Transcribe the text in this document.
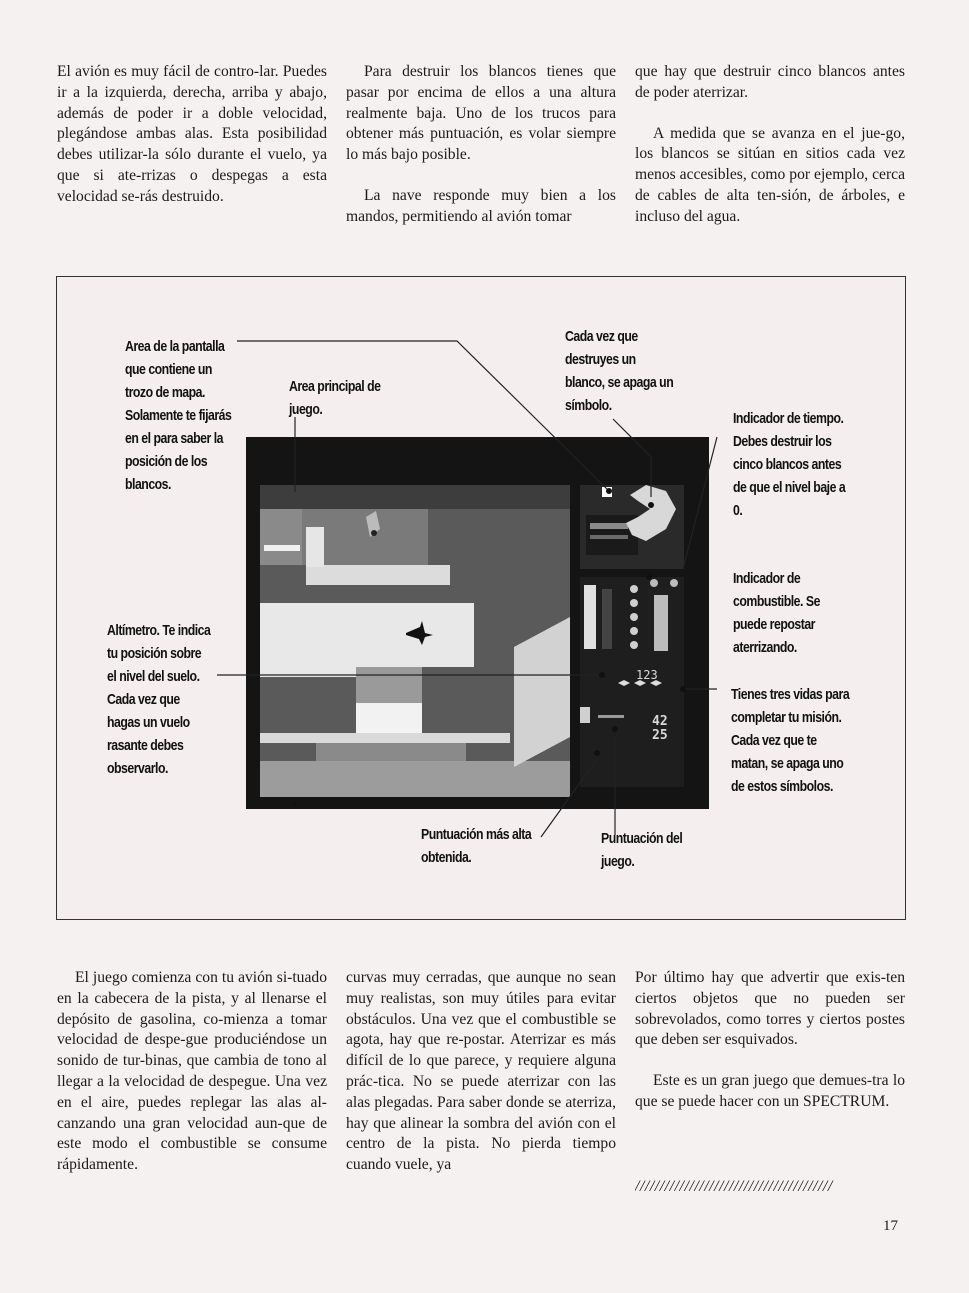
El avión es muy fácil de contro-lar. Puedes ir a la izquierda, derecha, arriba y abajo, además de poder ir a doble velocidad, plegándose ambas alas. Esta posibilidad debes utilizar-la sólo durante el vuelo, ya que si ate-rrizas o despegas a esta velocidad se-rás destruido.

Para destruir los blancos tienes que pasar por encima de ellos a una altura realmente baja. Uno de los trucos para obtener más puntuación, es volar siempre lo más bajo posible.

La nave responde muy bien a los mandos, permitiendo al avión tomar

que hay que destruir cinco blancos antes de poder aterrizar.

A medida que se avanza en el jue-go, los blancos se sitúan en sitios cada vez menos accesibles, como por ejemplo, cerca de cables de alta ten-sión, de árboles, e incluso del agua.

123
42
25
Area de la pantalla que contiene un trozo de mapa. Solamente te fijarás en el para saber la posición de los blancos.
Area principal de juego.
Cada vez que destruyes un blanco, se apaga un símbolo.
Indicador de tiempo. Debes destruir los cinco blancos antes de que el nivel baje a 0.
Indicador de combustible. Se puede repostar aterrizando.
Tienes tres vidas para completar tu misión. Cada vez que te matan, se apaga uno de estos símbolos.
Altímetro. Te indica tu posición sobre el nivel del suelo. Cada vez que hagas un vuelo rasante debes observarlo.
Puntuación más alta obtenida.
Puntuación del juego.

El juego comienza con tu avión si-tuado en la cabecera de la pista, y al llenarse el depósito de gasolina, co-mienza a tomar velocidad de despe-gue produciéndose un sonido de tur-binas, que cambia de tono al llegar a la velocidad de despegue. Una vez en el aire, puedes replegar las alas al-canzando una gran velocidad aun-que de este modo el combustible se consume rápidamente.

curvas muy cerradas, que aunque no sean muy realistas, son muy útiles para evitar obstáculos. Una vez que el combustible se agota, hay que re-postar. Aterrizar es más difícil de lo que parece, y requiere alguna prác-tica. No se puede aterrizar con las alas plegadas. Para saber donde se aterriza, hay que alinear la sombra del avión con el centro de la pista. No pierda tiempo cuando vuele, ya

Por último hay que advertir que exis-ten ciertos objetos que no pueden ser sobrevolados, como torres y ciertos postes que deben ser esquivados.

Este es un gran juego que demues-tra lo que se puede hacer con un SPECTRUM.

////////////////////////////////////////
17
